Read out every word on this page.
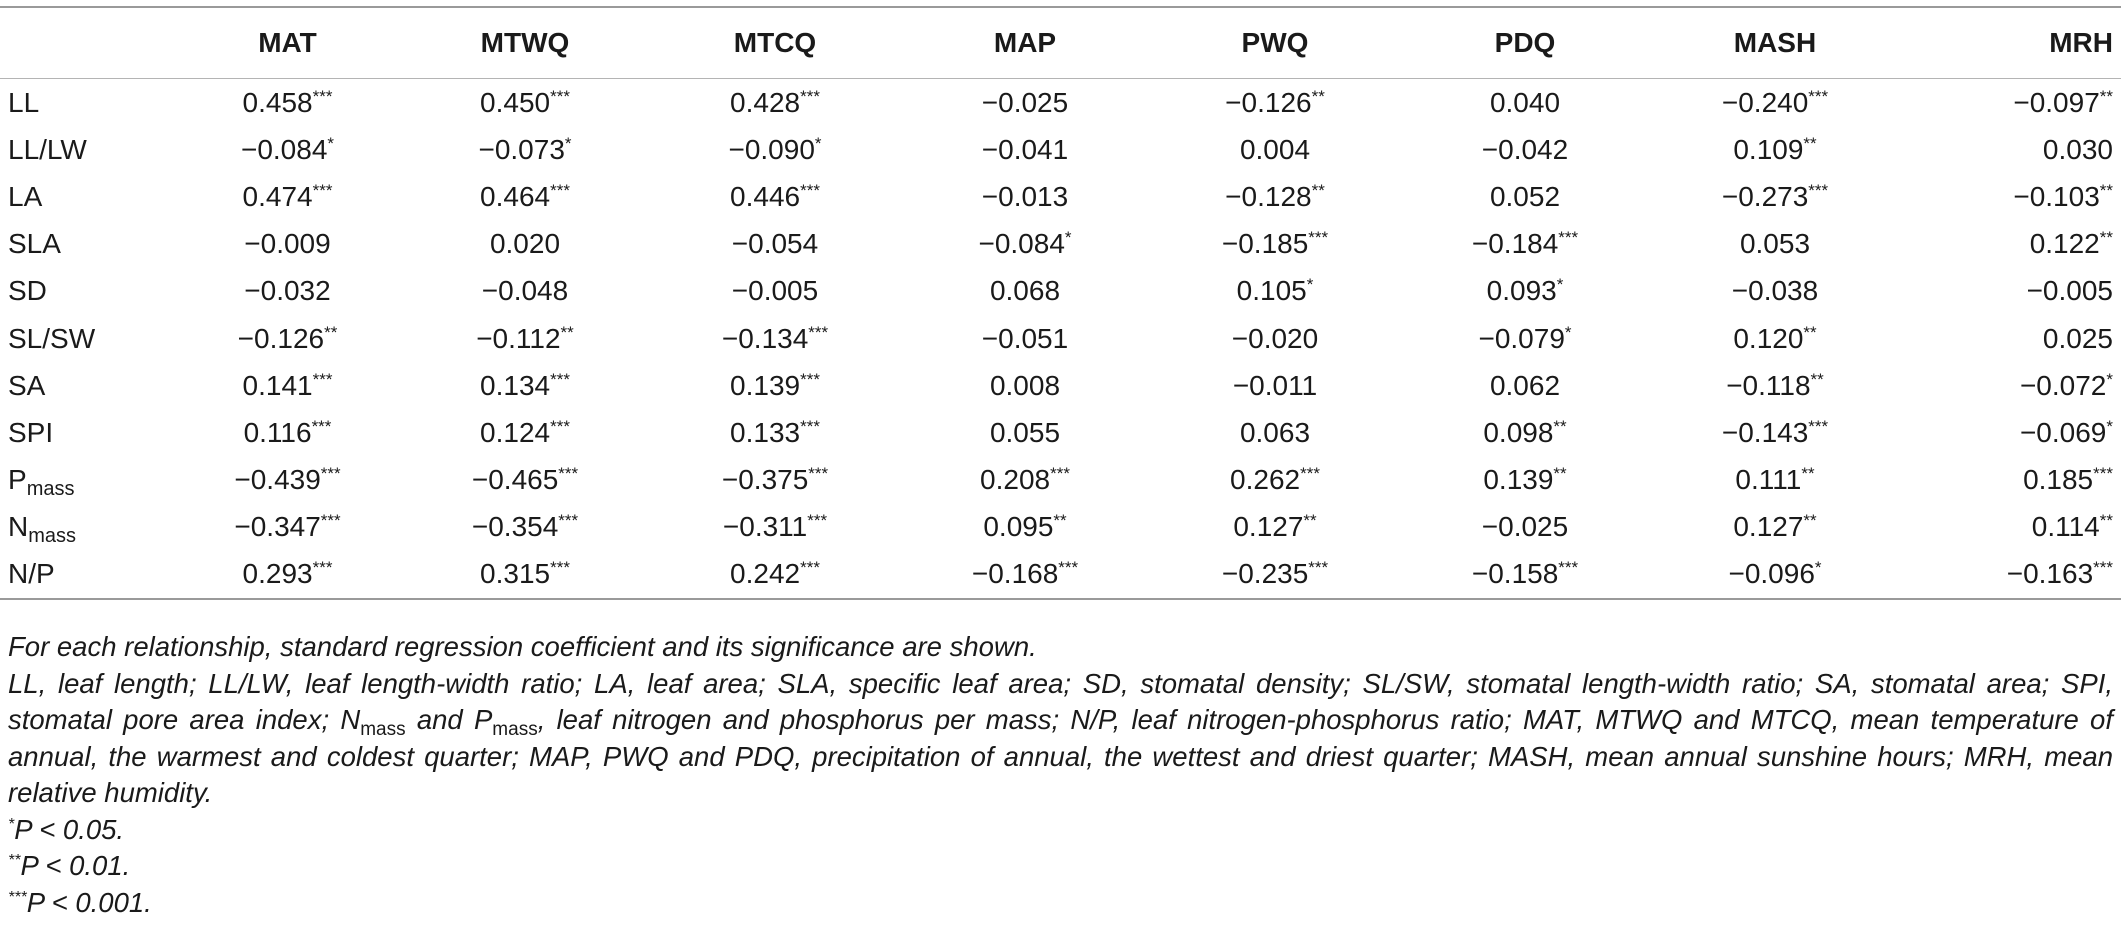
	MAT	MTWQ	MTCQ	MAP	PWQ	PDQ	MASH	MRH
LL	0.458***	0.450***	0.428***	−0.025	−0.126**	0.040	−0.240***	−0.097**
LL/LW	−0.084*	−0.073*	−0.090*	−0.041	0.004	−0.042	0.109**	0.030
LA	0.474***	0.464***	0.446***	−0.013	−0.128**	0.052	−0.273***	−0.103**
SLA	−0.009	0.020	−0.054	−0.084*	−0.185***	−0.184***	0.053	0.122**
SD	−0.032	−0.048	−0.005	0.068	0.105*	0.093*	−0.038	−0.005
SL/SW	−0.126**	−0.112**	−0.134***	−0.051	−0.020	−0.079*	0.120**	0.025
SA	0.141***	0.134***	0.139***	0.008	−0.011	0.062	−0.118**	−0.072*
SPI	0.116***	0.124***	0.133***	0.055	0.063	0.098**	−0.143***	−0.069*
$P_{mass}$	−0.439***	−0.465***	−0.375***	0.208***	0.262***	0.139**	0.111**	0.185***
$N_{mass}$	−0.347***	−0.354***	−0.311***	0.095**	0.127**	−0.025	0.127**	0.114**
N/P	0.293***	0.315***	0.242***	−0.168***	−0.235***	−0.158***	−0.096*	−0.163***

For each relationship, standard regression coefficient and its significance are shown.

LL, leaf length; LL/LW, leaf length-width ratio; LA, leaf area; SLA, specific leaf area; SD, stomatal density; SL/SW, stomatal length-width ratio; SA, stomatal area; SPI, stomatal pore area index; $N_{mass}$ and $P_{mass}$, leaf nitrogen and phosphorus per mass; N/P, leaf nitrogen-phosphorus ratio; MAT, MTWQ and MTCQ, mean temperature of annual, the warmest and coldest quarter; MAP, PWQ and PDQ, precipitation of annual, the wettest and driest quarter; MASH, mean annual sunshine hours; MRH, mean relative humidity.

*P < 0.05.

**P < 0.01.

***P < 0.001.
